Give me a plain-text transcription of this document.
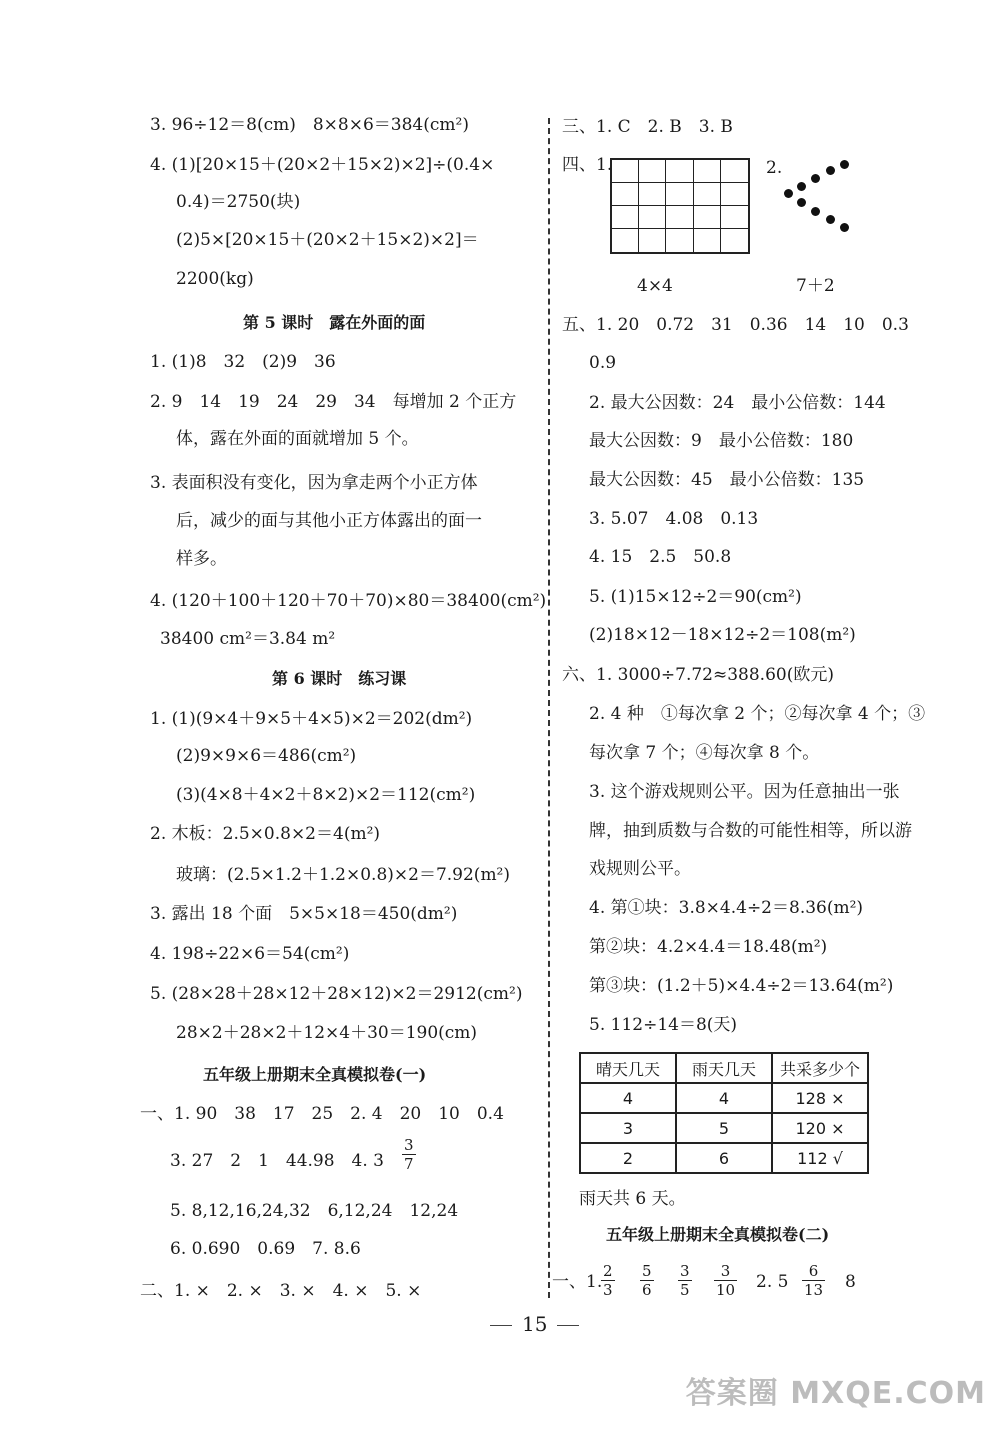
3. 96÷12＝8(cm)　8×8×6＝384(cm²)
4. (1)[20×15＋(20×2＋15×2)×2]÷(0.4×
0.4)＝2750(块)
(2)5×[20×15＋(20×2＋15×2)×2]＝
2200(kg)
第 5 课时　露在外面的面
1. (1)8　32　(2)9　36
2. 9　14　19　24　29　34　每增加 2 个正方
体，露在外面的面就增加 5 个。
3. 表面积没有变化，因为拿走两个小正方体
后，减少的面与其他小正方体露出的面一
样多。
4. (120＋100＋120＋70＋70)×80＝38400(cm²)
38400 cm²＝3.84 m²
第 6 课时　练习课
1. (1)(9×4＋9×5＋4×5)×2＝202(dm²)
(2)9×9×6＝486(cm²)
(3)(4×8＋4×2＋8×2)×2＝112(cm²)
2. 木板：2.5×0.8×2＝4(m²)
玻璃：(2.5×1.2＋1.2×0.8)×2＝7.92(m²)
3. 露出 18 个面　5×5×18＝450(dm²)
4. 198÷22×6＝54(cm²)
5. (28×28＋28×12＋28×12)×2＝2912(cm²)
28×2＋28×2＋12×4＋30＝190(cm)
五年级上册期末全真模拟卷(一)
一、1. 90　38　17　25　2. 4　20　10　0.4
3. 27　2　1　44.98　4. $3 \frac{3}{7}$
5. 8,12,16,24,32　6,12,24　12,24
6. 0.690　0.69　7. 8.6
二、1. ×　2. ×　3. ×　4. ×　5. ×
三、1. C　2. B　3. B
四、1.	2.
4×4	7＋2
五、1. 20　0.72　31　0.36　14　10　0.3
0.9
2. 最大公因数：24　最小公倍数：144
最大公因数：9　最小公倍数：180
最大公因数：45　最小公倍数：135
3. 5.07　4.08　0.13
4. 15　2.5　50.8
5. (1)15×12÷2＝90(cm²)
(2)18×12－18×12÷2＝108(m²)
六、1. 3000÷7.72≈388.60(欧元)
2. 4 种　①每次拿 2 个；②每次拿 4 个；③
每次拿 7 个；④每次拿 8 个。
3. 这个游戏规则公平。因为任意抽出一张
牌，抽到质数与合数的可能性相等，所以游
戏规则公平。
4. 第①块：3.8×4.4÷2＝8.36(m²)
第②块：4.2×4.4＝18.48(m²)
第③块：(1.2＋5)×4.4÷2＝13.64(m²)
5. 112÷14＝8(天)
晴天几天	雨天几天	共采多少个
4	4	128 ×
3	5	120 ×
2	6	112 √
雨天共 6 天。
五年级上册期末全真模拟卷(二)
一、1.
$\frac{2}{3} \frac{5}{6} \frac{3}{5} \frac{3}{10} 2$. $5 \frac{6}{13} 8$
15
答案圈 MXQE.COM
